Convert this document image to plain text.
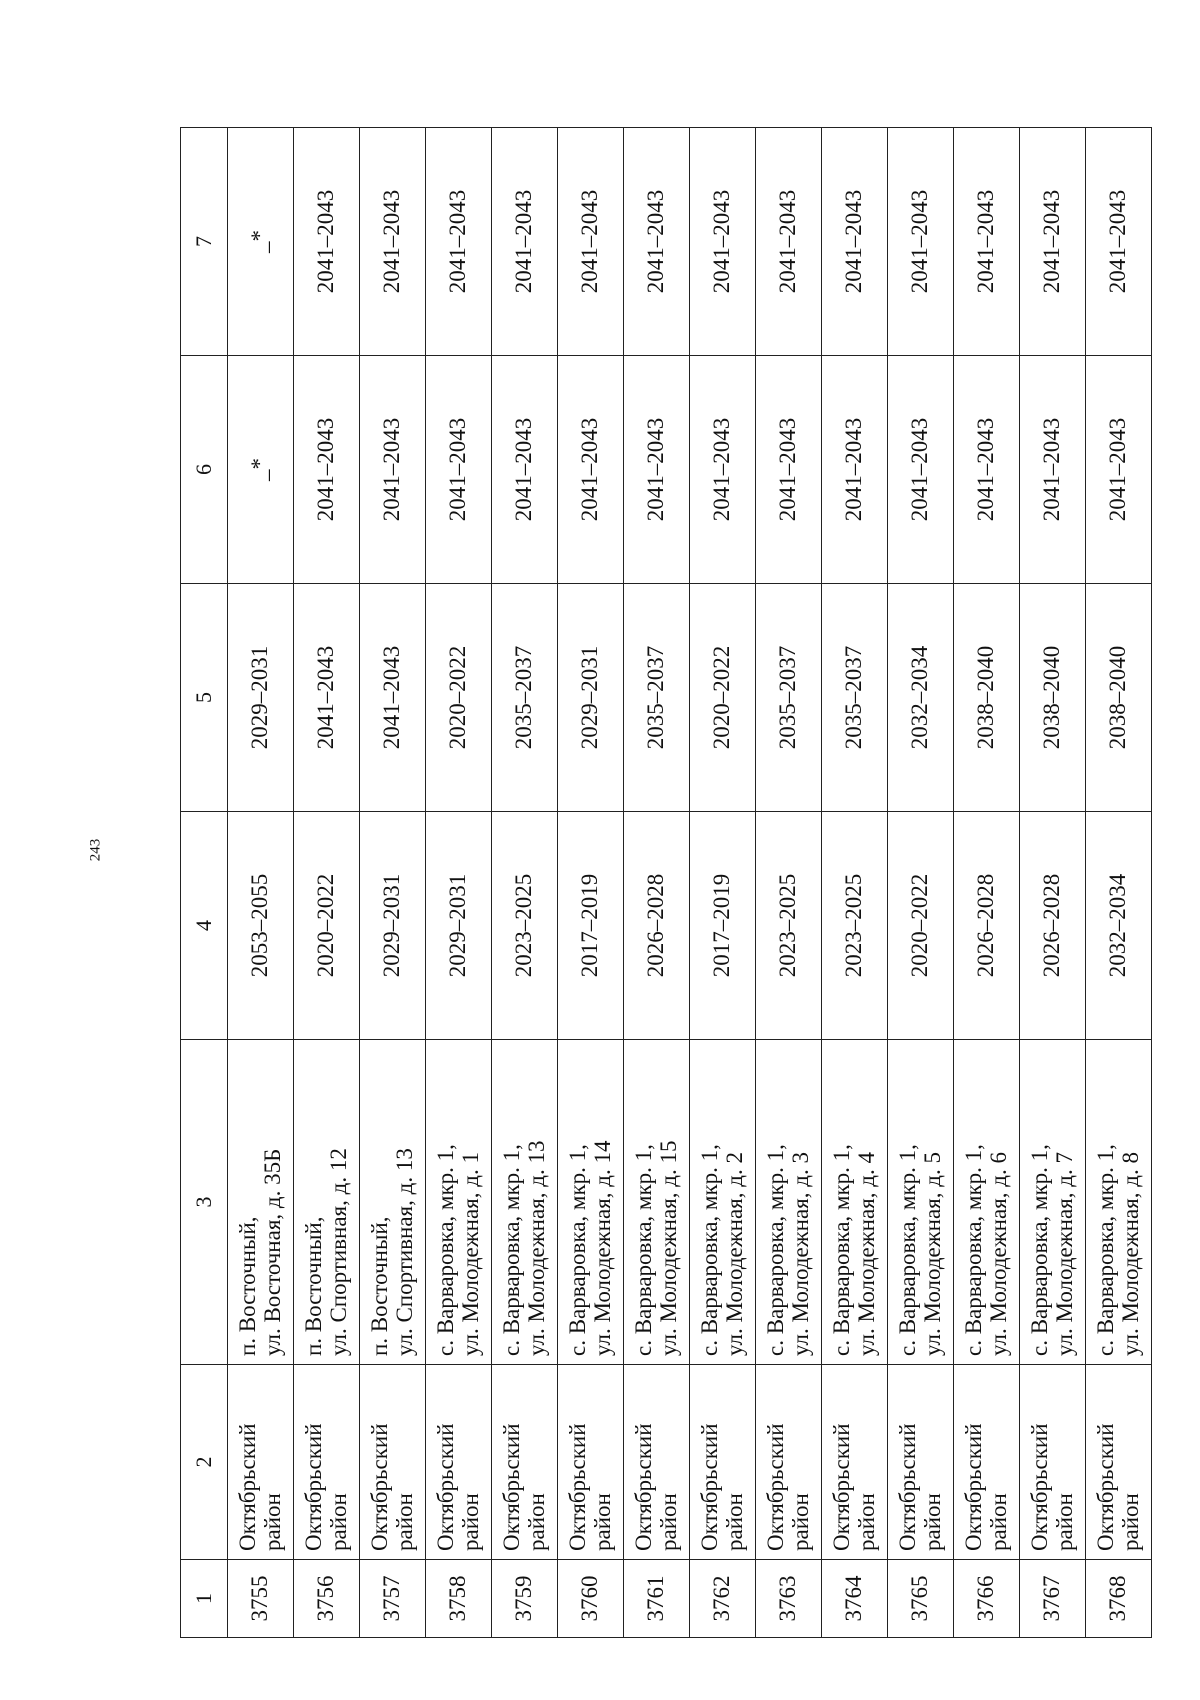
243
1	2	3	4	5	6	7
3755	Октябрьский район	п. Восточный, ул. Восточная, д. 35Б	2053–2055	2029–2031	_*	_*
3756	Октябрьский район	п. Восточный, ул. Спортивная, д. 12	2020–2022	2041–2043	2041–2043	2041–2043
3757	Октябрьский район	п. Восточный, ул. Спортивная, д. 13	2029–2031	2041–2043	2041–2043	2041–2043
3758	Октябрьский район	с. Варваровка, мкр. 1, ул. Молодежная, д. 1	2029–2031	2020–2022	2041–2043	2041–2043
3759	Октябрьский район	с. Варваровка, мкр. 1, ул. Молодежная, д. 13	2023–2025	2035–2037	2041–2043	2041–2043
3760	Октябрьский район	с. Варваровка, мкр. 1, ул. Молодежная, д. 14	2017–2019	2029–2031	2041–2043	2041–2043
3761	Октябрьский район	с. Варваровка, мкр. 1, ул. Молодежная, д. 15	2026–2028	2035–2037	2041–2043	2041–2043
3762	Октябрьский район	с. Варваровка, мкр. 1, ул. Молодежная, д. 2	2017–2019	2020–2022	2041–2043	2041–2043
3763	Октябрьский район	с. Варваровка, мкр. 1, ул. Молодежная, д. 3	2023–2025	2035–2037	2041–2043	2041–2043
3764	Октябрьский район	с. Варваровка, мкр. 1, ул. Молодежная, д. 4	2023–2025	2035–2037	2041–2043	2041–2043
3765	Октябрьский район	с. Варваровка, мкр. 1, ул. Молодежная, д. 5	2020–2022	2032–2034	2041–2043	2041–2043
3766	Октябрьский район	с. Варваровка, мкр. 1, ул. Молодежная, д. 6	2026–2028	2038–2040	2041–2043	2041–2043
3767	Октябрьский район	с. Варваровка, мкр. 1, ул. Молодежная, д. 7	2026–2028	2038–2040	2041–2043	2041–2043
3768	Октябрьский район	с. Варваровка, мкр. 1, ул. Молодежная, д. 8	2032–2034	2038–2040	2041–2043	2041–2043
